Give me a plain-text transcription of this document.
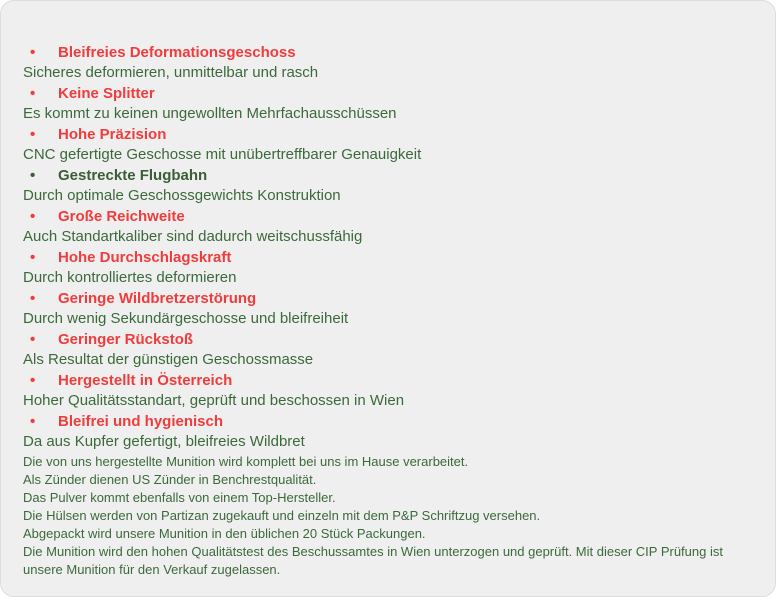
• Bleifreies Deformationsgeschoss
Sicheres deformieren, unmittelbar und rasch
• Keine Splitter
Es kommt zu keinen ungewollten Mehrfachausschüssen
• Hohe Präzision
CNC gefertigte Geschosse mit unübertreffbarer Genauigkeit
• Gestreckte Flugbahn
Durch optimale Geschossgewichts Konstruktion
• Große Reichweite
Auch Standartkaliber sind dadurch weitschussfähig
• Hohe Durchschlagskraft
Durch kontrolliertes deformieren
• Geringe Wildbretzerstörung
Durch wenig Sekundärgeschosse und bleifreiheit
• Geringer Rückstoß
Als Resultat der günstigen Geschossmasse
• Hergestellt in Österreich
Hoher Qualitätsstandart, geprüft und beschossen in Wien
• Bleifrei und hygienisch
Da aus Kupfer gefertigt, bleifreies Wildbret
Die von uns hergestellte Munition wird komplett bei uns im Hause verarbeitet.
Als Zünder dienen US Zünder in Benchrestqualität.
Das Pulver kommt ebenfalls von einem Top-Hersteller.
Die Hülsen werden von Partizan zugekauft und einzeln mit dem P&P Schriftzug versehen.
Abgepackt wird unsere Munition in den üblichen 20 Stück Packungen.
Die Munition wird den hohen Qualitätstest des Beschussamtes in Wien unterzogen und geprüft. Mit dieser CIP Prüfung ist unsere Munition für den Verkauf zugelassen.
